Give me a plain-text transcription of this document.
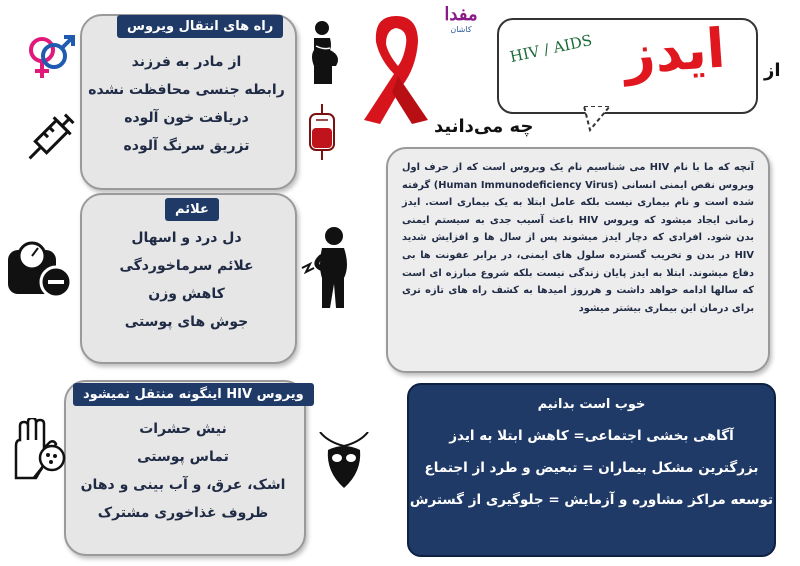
راه های انتقال ویروس
از مادر به فرزند
رابطه جنسی محافظت نشده
دریافت خون آلوده
تزریق سرنگ آلوده
علائم
دل درد و اسهال
علائم سرماخوردگی
کاهش وزن
جوش های پوستی
ویروس HIV اینگونه منتقل نمیشود
نیش حشرات
تماس پوستی
اشک، عرق، و آب بینی و دهان
ظروف غذاخوری مشترک
مفدا
کاشان
HIV / AIDS ایدز از
چه می‌دانید

آنچه که ما با نام HIV می شناسیم نام یک ویروس است که از حرف اول ویروس نقص ایمنی انسانی (Human Immunodeficiency Virus) گرفته شده است و نام بیماری نیست بلکه عامل ابتلا به یک بیماری است. ایدز زمانی ایجاد میشود که ویروس HIV باعث آسیب جدی به سیستم ایمنی بدن شود. افرادی که دچار ایدز میشوند پس از سال ها و افزایش شدید HIV در بدن و تخریب گسترده سلول های ایمنی، در برابر عفونت ها بی دفاع میشوند. ابتلا به ایدز پایان زندگی نیست بلکه شروع مبارزه ای است که سالها ادامه خواهد داشت و هرروز امیدها به کشف راه های تازه تری برای درمان این بیماری بیشتر میشود

خوب است بدانیم
آگاهی بخشی اجتماعی= کاهش ابتلا به ایدز
بزرگترین مشکل بیماران = تبعیض و طرد از اجتماع
توسعه مراکز مشاوره و آزمایش = جلوگیری از گسترش
